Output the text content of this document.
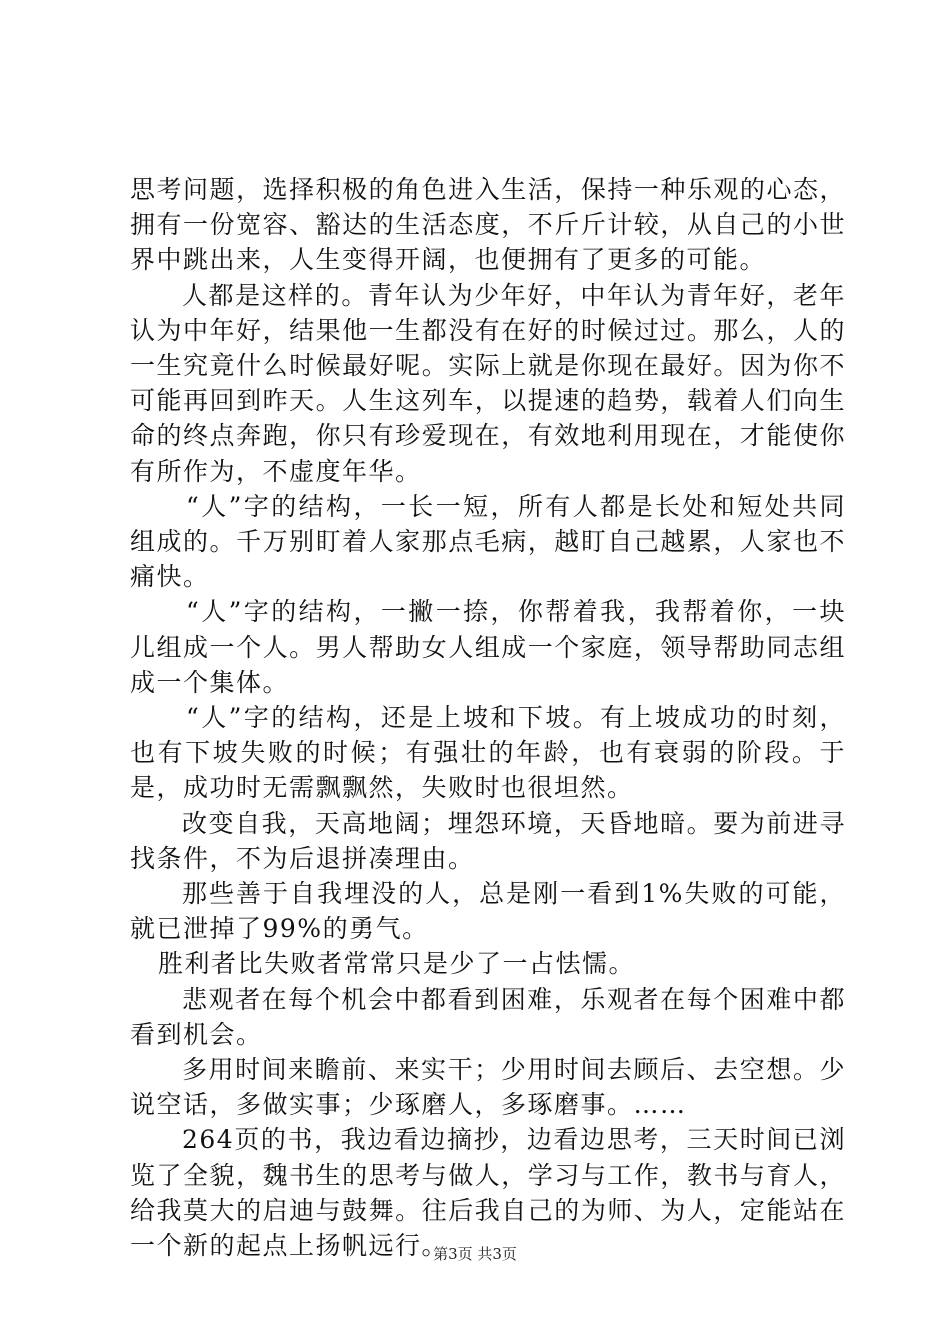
思考问题，选择积极的角色进入生活，保持一种乐观的心态，拥有一份宽容、豁达的生活态度，不斤斤计较，从自己的小世界中跳出来，人生变得开阔，也便拥有了更多的可能。

人都是这样的。青年认为少年好，中年认为青年好，老年认为中年好，结果他一生都没有在好的时候过过。那么，人的一生究竟什么时候最好呢。实际上就是你现在最好。因为你不可能再回到昨天。人生这列车，以提速的趋势，载着人们向生命的终点奔跑，你只有珍爱现在，有效地利用现在，才能使你有所作为，不虚度年华。

“人”字的结构，一长一短，所有人都是长处和短处共同组成的。千万别盯着人家那点毛病，越盯自己越累，人家也不痛快。

“人”字的结构，一撇一捺，你帮着我，我帮着你，一块儿组成一个人。男人帮助女人组成一个家庭，领导帮助同志组成一个集体。

“人”字的结构，还是上坡和下坡。有上坡成功的时刻，也有下坡失败的时候；有强壮的年龄，也有衰弱的阶段。于是，成功时无需飘飘然，失败时也很坦然。

改变自我，天高地阔；埋怨环境，天昏地暗。要为前进寻找条件，不为后退拼凑理由。

那些善于自我埋没的人，总是刚一看到1%失败的可能，就已泄掉了99%的勇气。

胜利者比失败者常常只是少了一占怯懦。

悲观者在每个机会中都看到困难，乐观者在每个困难中都看到机会。

多用时间来瞻前、来实干；少用时间去顾后、去空想。少说空话，多做实事；少琢磨人，多琢磨事。……

264页的书，我边看边摘抄，边看边思考，三天时间已浏览了全貌，魏书生的思考与做人，学习与工作，教书与育人，给我莫大的启迪与鼓舞。往后我自己的为师、为人，定能站在一个新的起点上扬帆远行。

第3页 共3页
